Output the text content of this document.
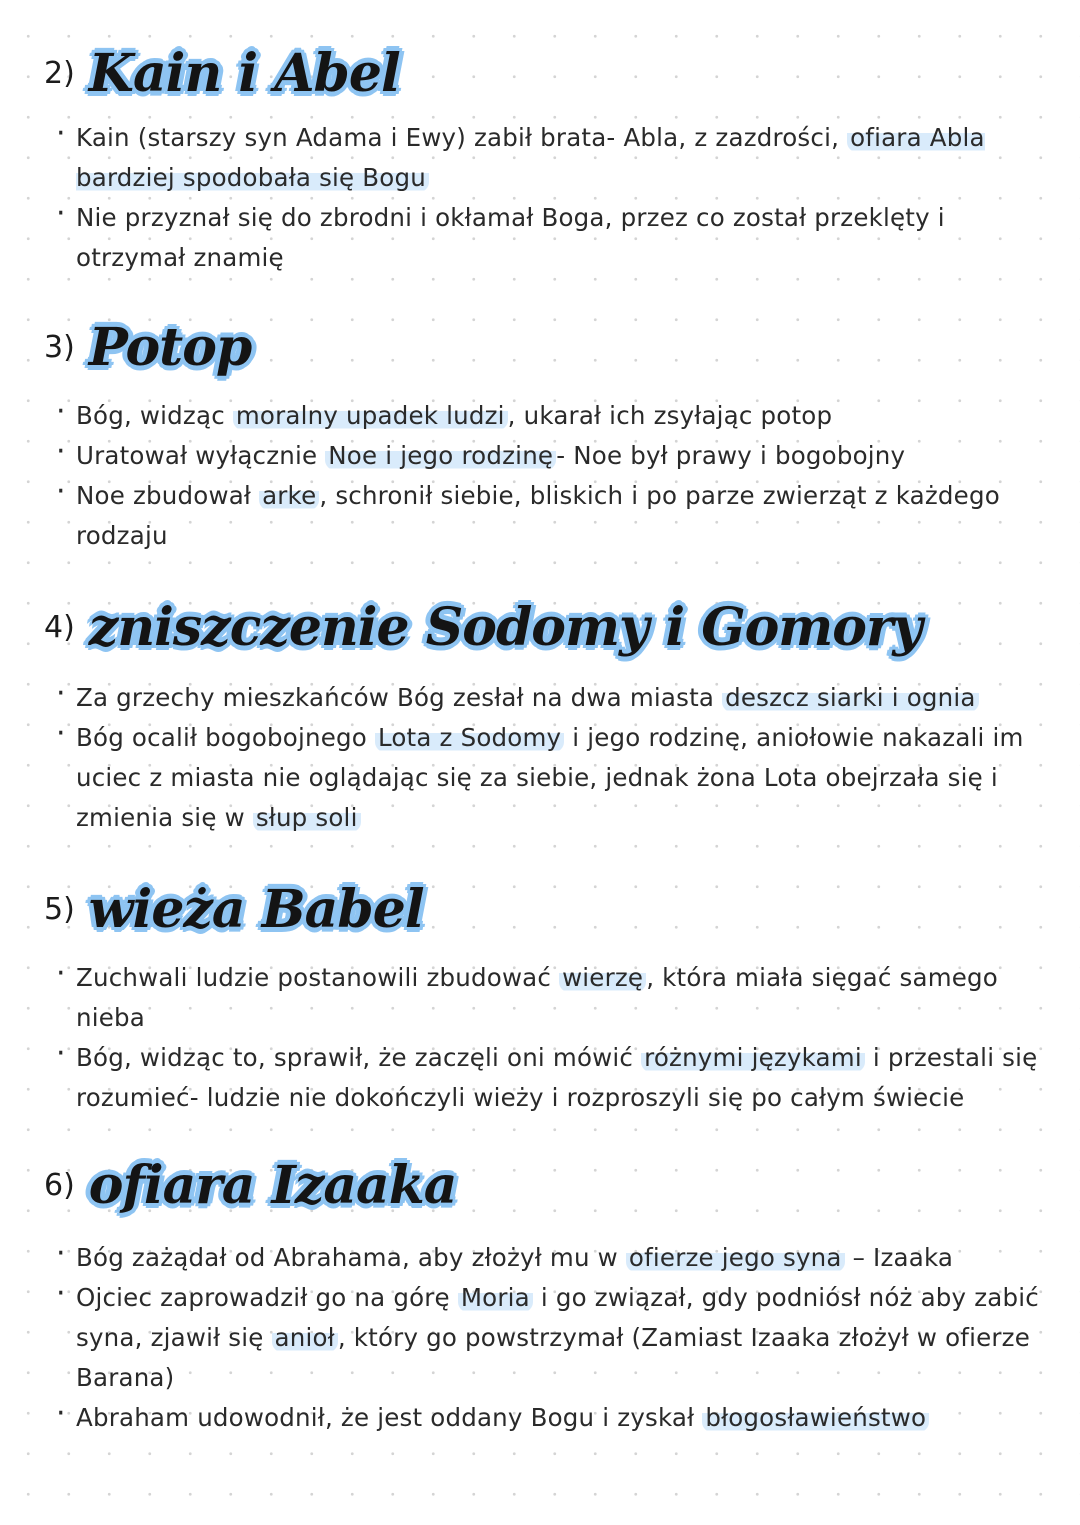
2) Kain i Abel
· Kain (starszy syn Adama i Ewy) zabił brata- Abla, z zazdrości, ofiara Abla bardziej spodobała się Bogu
· Nie przyznał się do zbrodni i okłamał Boga, przez co został przeklęty i otrzymał znamię
3) Potop
· Bóg, widząc moralny upadek ludzi , ukarał ich zsyłając potop
· Uratował wyłącznie Noe i jego rodzinę - Noe był prawy i bogobojny
· Noe zbudował arke , schronił siebie, bliskich i po parze zwierząt z każdego rodzaju
4) zniszczenie Sodomy i Gomory
· Za grzechy mieszkańców Bóg zesłał na dwa miasta deszcz siarki i ognia
· Bóg ocalił bogobojnego Lota z Sodomy i jego rodzinę, aniołowie nakazali im uciec z miasta nie oglądając się za siebie, jednak żona Lota obejrzała się i zmienia się w słup soli
5) wieża Babel
· Zuchwali ludzie postanowili zbudować wierzę , która miała sięgać samego nieba
· Bóg, widząc to, sprawił, że zaczęli oni mówić różnymi językami i przestali się rozumieć- ludzie nie dokończyli wieży i rozproszyli się po całym świecie
6) ofiara Izaaka
· Bóg zażądał od Abrahama, aby złożył mu w ofierze jego syna – Izaaka
· Ojciec zaprowadził go na górę Moria i go związał, gdy podniósł nóż aby zabić syna, zjawił się anioł , który go powstrzymał (Zamiast Izaaka złożył w ofierze Barana)
· Abraham udowodnił, że jest oddany Bogu i zyskał błogosławieństwo
